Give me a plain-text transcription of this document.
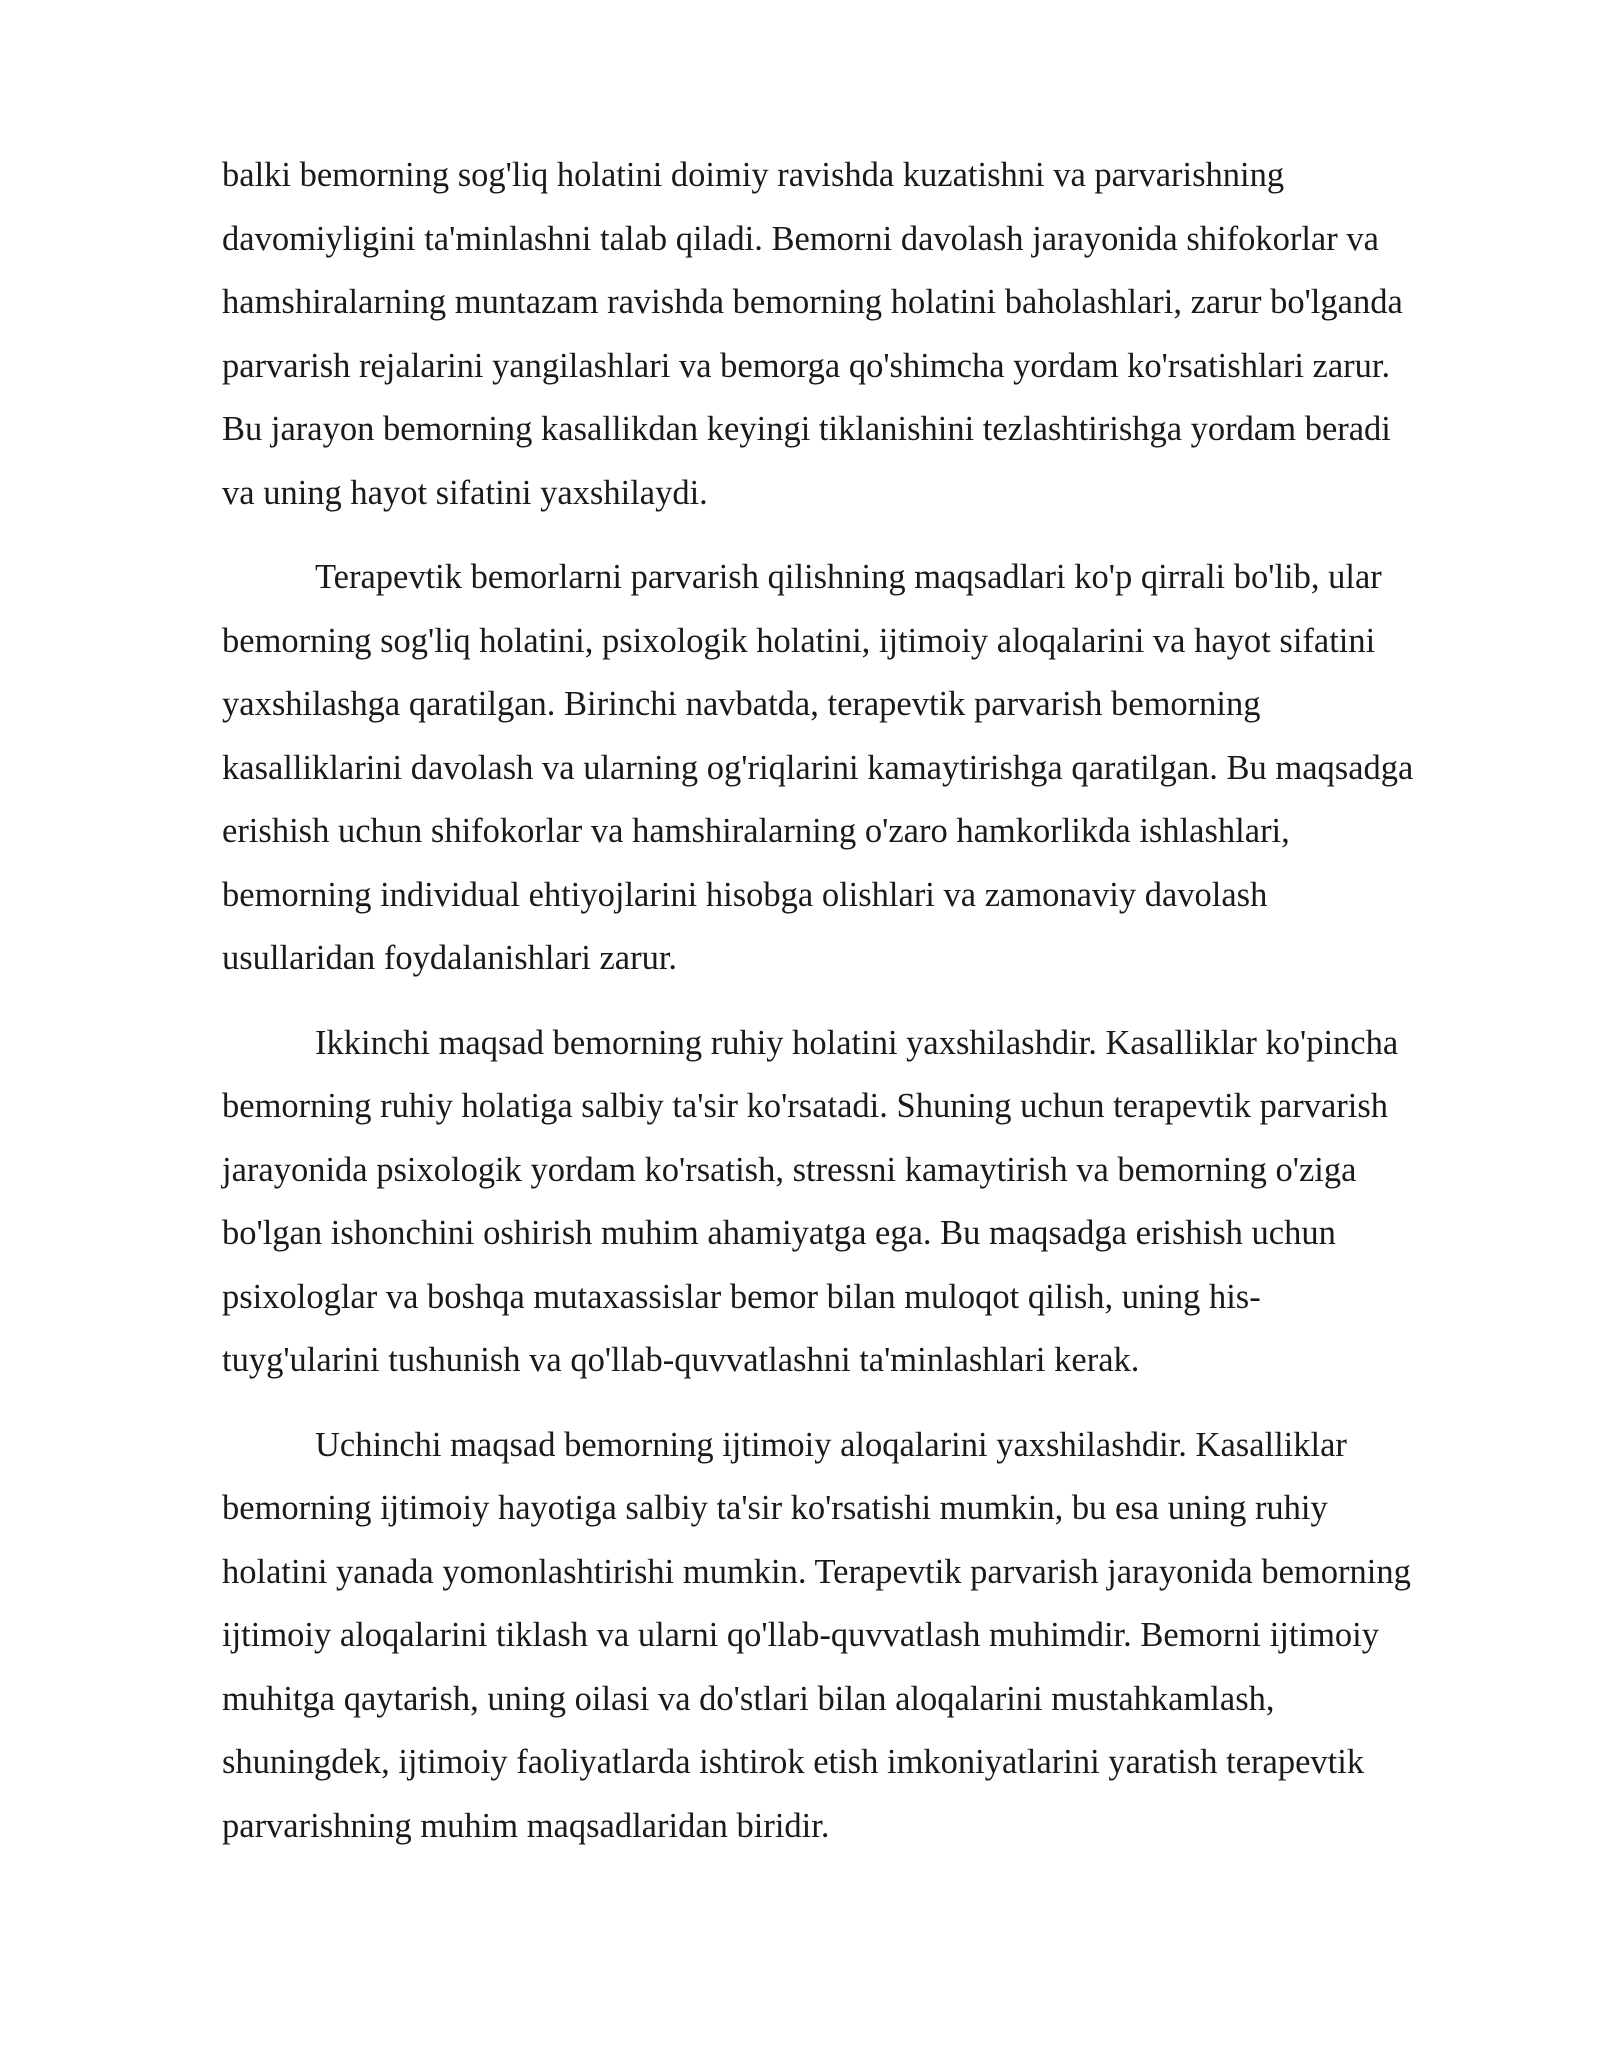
balki bemorning sog'liq holatini doimiy ravishda kuzatishni va parvarishning
davomiyligini ta'minlashni talab qiladi. Bemorni davolash jarayonida shifokorlar va
hamshiralarning muntazam ravishda bemorning holatini baholashlari, zarur bo'lganda
parvarish rejalarini yangilashlari va bemorga qo'shimcha yordam ko'rsatishlari zarur.
Bu jarayon bemorning kasallikdan keyingi tiklanishini tezlashtirishga yordam beradi
va uning hayot sifatini yaxshilaydi.
Terapevtik bemorlarni parvarish qilishning maqsadlari ko'p qirrali bo'lib, ular
bemorning sog'liq holatini, psixologik holatini, ijtimoiy aloqalarini va hayot sifatini
yaxshilashga qaratilgan. Birinchi navbatda, terapevtik parvarish bemorning
kasalliklarini davolash va ularning og'riqlarini kamaytirishga qaratilgan. Bu maqsadga
erishish uchun shifokorlar va hamshiralarning o'zaro hamkorlikda ishlashlari,
bemorning individual ehtiyojlarini hisobga olishlari va zamonaviy davolash
usullaridan foydalanishlari zarur.
Ikkinchi maqsad bemorning ruhiy holatini yaxshilashdir. Kasalliklar ko'pincha
bemorning ruhiy holatiga salbiy ta'sir ko'rsatadi. Shuning uchun terapevtik parvarish
jarayonida psixologik yordam ko'rsatish, stressni kamaytirish va bemorning o'ziga
bo'lgan ishonchini oshirish muhim ahamiyatga ega. Bu maqsadga erishish uchun
psixologlar va boshqa mutaxassislar bemor bilan muloqot qilish, uning his-
tuyg'ularini tushunish va qo'llab-quvvatlashni ta'minlashlari kerak.
Uchinchi maqsad bemorning ijtimoiy aloqalarini yaxshilashdir. Kasalliklar
bemorning ijtimoiy hayotiga salbiy ta'sir ko'rsatishi mumkin, bu esa uning ruhiy
holatini yanada yomonlashtirishi mumkin. Terapevtik parvarish jarayonida bemorning
ijtimoiy aloqalarini tiklash va ularni qo'llab-quvvatlash muhimdir. Bemorni ijtimoiy
muhitga qaytarish, uning oilasi va do'stlari bilan aloqalarini mustahkamlash,
shuningdek, ijtimoiy faoliyatlarda ishtirok etish imkoniyatlarini yaratish terapevtik
parvarishning muhim maqsadlaridan biridir.
